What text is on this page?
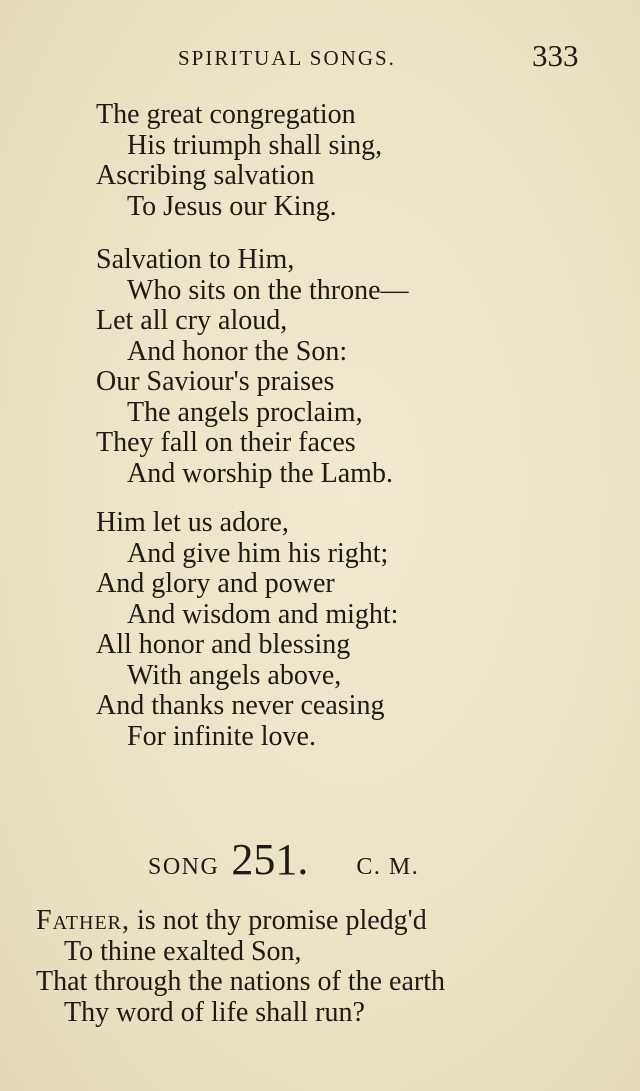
SPIRITUAL SONGS.	333
The great congregation
His triumph shall sing,
Ascribing salvation
To Jesus our King.
Salvation to Him,
Who sits on the throne—
Let all cry aloud,
And honor the Son:
Our Saviour's praises
The angels proclaim,
They fall on their faces
And worship the Lamb.
Him let us adore,
And give him his right;
And glory and power
And wisdom and might:
All honor and blessing
With angels above,
And thanks never ceasing
For infinite love.
SONG 251. C. M.
Father, is not thy promise pledg'd
To thine exalted Son,
That through the nations of the earth
Thy word of life shall run?
